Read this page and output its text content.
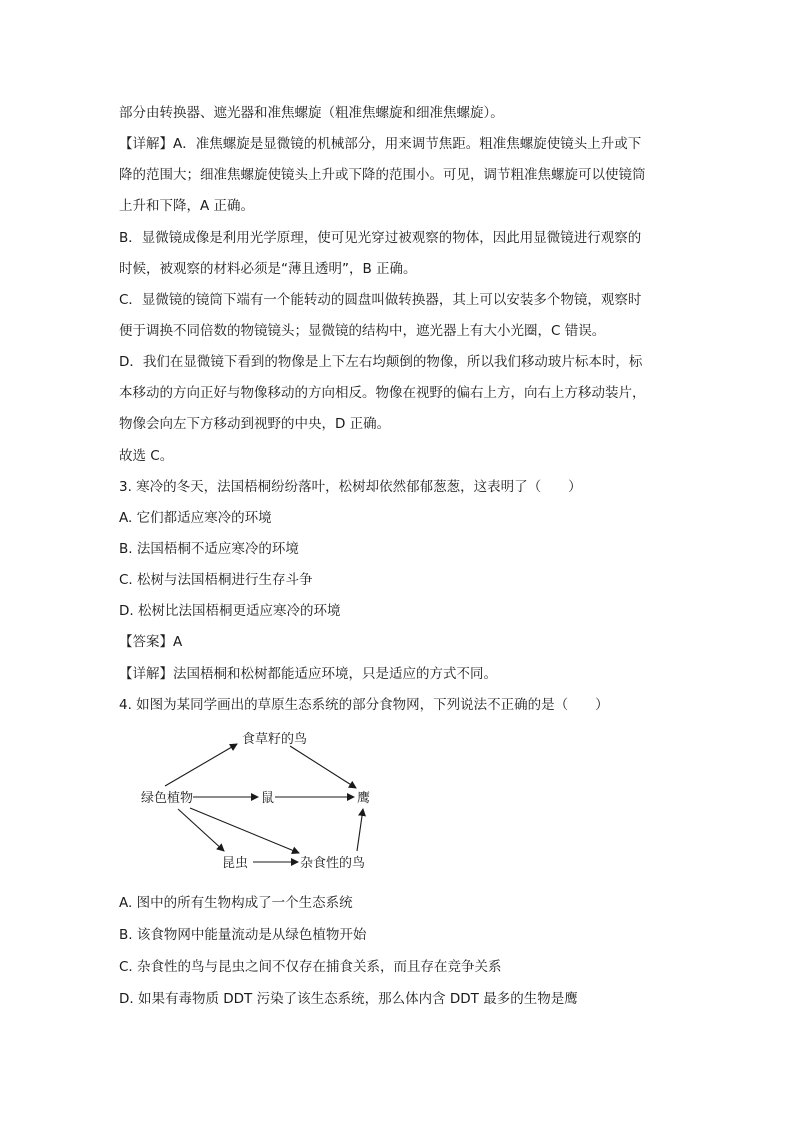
部分由转换器、遮光器和准焦螺旋（粗准焦螺旋和细准焦螺旋）。

【详解】A．准焦螺旋是显微镜的机械部分，用来调节焦距。粗准焦螺旋使镜头上升或下

降的范围大；细准焦螺旋使镜头上升或下降的范围小。可见，调节粗准焦螺旋可以使镜筒

上升和下降，A 正确。

B．显微镜成像是利用光学原理，使可见光穿过被观察的物体，因此用显微镜进行观察的

时候，被观察的材料必须是“薄且透明”，B 正确。

C．显微镜的镜筒下端有一个能转动的圆盘叫做转换器，其上可以安装多个物镜，观察时

便于调换不同倍数的物镜镜头；显微镜的结构中，遮光器上有大小光圈，C 错误。

D．我们在显微镜下看到的物像是上下左右均颠倒的物像，所以我们移动玻片标本时，标

本移动的方向正好与物像移动的方向相反。物像在视野的偏右上方，向右上方移动装片，

物像会向左下方移动到视野的中央，D 正确。

故选 C。

3. 寒冷的冬天，法国梧桐纷纷落叶，松树却依然郁郁葱葱，这表明了（　　）

A. 它们都适应寒冷的环境

B. 法国梧桐不适应寒冷的环境

C. 松树与法国梧桐进行生存斗争

D. 松树比法国梧桐更适应寒冷的环境

【答案】A

【详解】法国梧桐和松树都能适应环境，只是适应的方式不同。

4. 如图为某同学画出的草原生态系统的部分食物网，下列说法不正确的是（　　）

绿色植物
食草籽的鸟
鼠	鹰
昆虫	杂食性的鸟

A. 图中的所有生物构成了一个生态系统

B. 该食物网中能量流动是从绿色植物开始

C. 杂食性的鸟与昆虫之间不仅存在捕食关系，而且存在竞争关系

D. 如果有毒物质 DDT 污染了该生态系统，那么体内含 DDT 最多的生物是鹰
